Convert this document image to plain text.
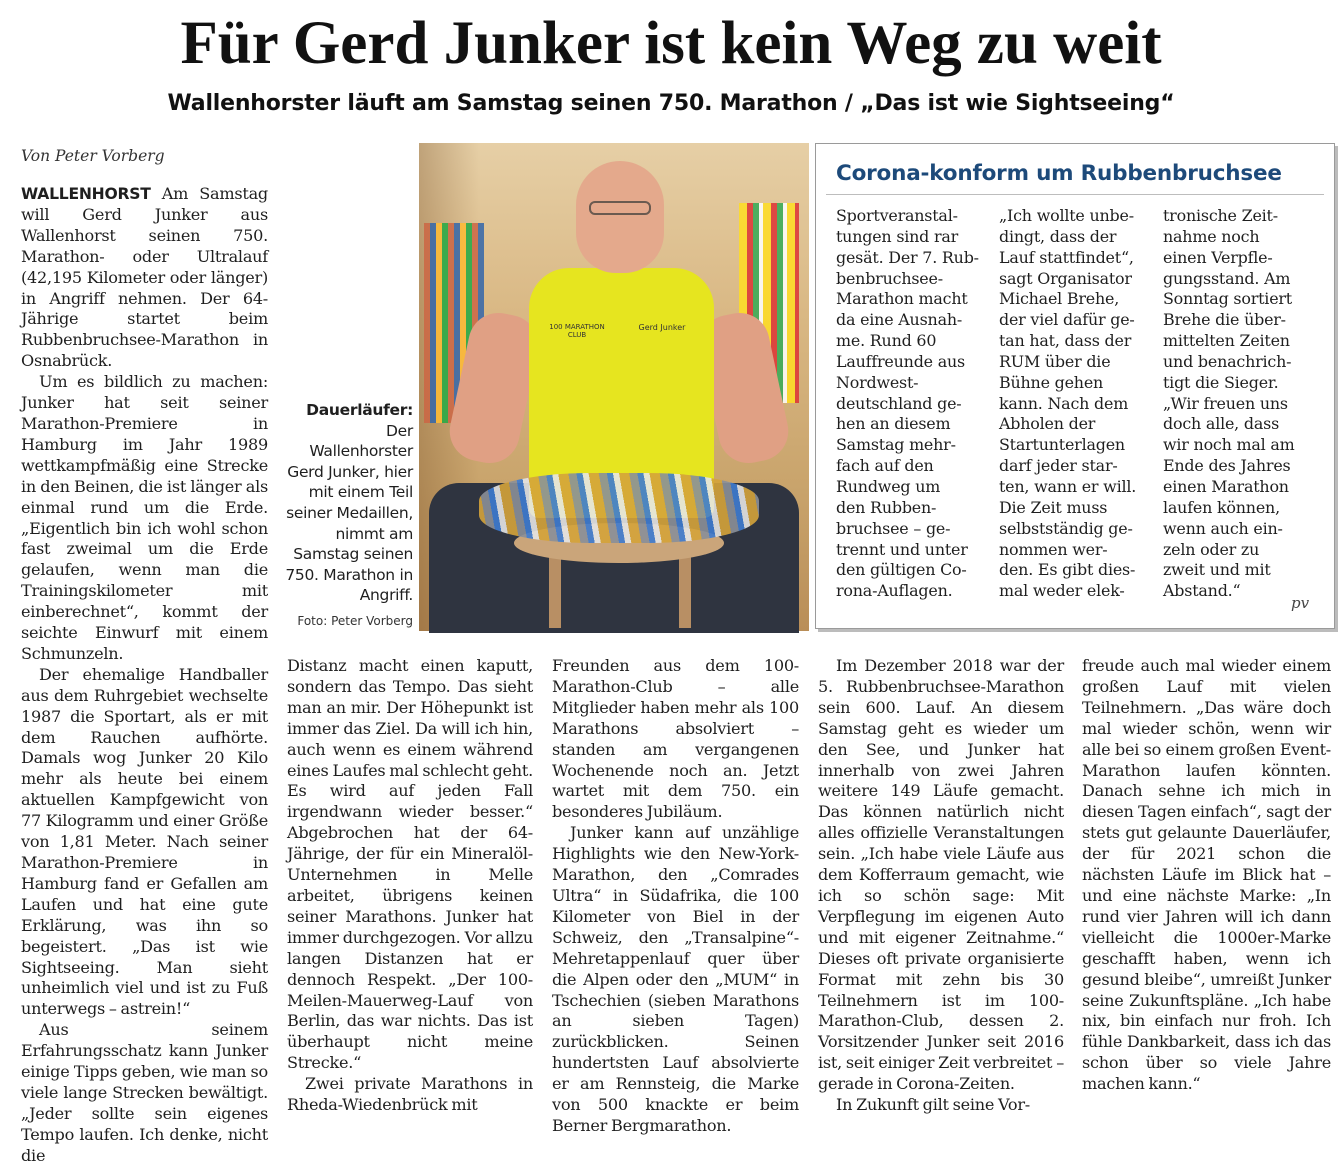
Für Gerd Junker ist kein Weg zu weit
Wallenhorster läuft am Samstag seinen 750. Marathon / „Das ist wie Sightseeing“
Von Peter Vorberg

WALLENHORST Am Samstag will Gerd Junker aus Wallenhorst seinen 750. Marathon- oder Ultralauf (42,195 Kilometer oder länger) in Angriff nehmen. Der 64-Jährige startet beim Rubbenbruchsee-Marathon in Osnabrück.

Um es bildlich zu machen: Junker hat seit seiner Marathon-Premiere in Hamburg im Jahr 1989 wettkampfmäßig eine Strecke in den Beinen, die ist länger als einmal rund um die Erde. „Eigentlich bin ich wohl schon fast zweimal um die Erde gelaufen, wenn man die Trainingskilometer mit einberechnet“, kommt der seichte Einwurf mit einem Schmunzeln.

Der ehemalige Handballer aus dem Ruhrgebiet wechselte 1987 die Sportart, als er mit dem Rauchen aufhörte. Damals wog Junker 20 Kilo mehr als heute bei einem aktuellen Kampfgewicht von 77 Kilogramm und einer Größe von 1,81 Meter. Nach seiner Marathon-Premiere in Hamburg fand er Gefallen am Laufen und hat eine gute Erklärung, was ihn so begeistert. „Das ist wie Sightseeing. Man sieht unheimlich viel und ist zu Fuß unterwegs – astrein!“

Aus seinem Erfahrungsschatz kann Junker einige Tipps geben, wie man so viele lange Strecken bewältigt. „Jeder sollte sein eigenes Tempo laufen. Ich denke, nicht die

100 MARATHON CLUB
Gerd Junker
Dauerläufer: Der Wallenhorster Gerd Junker, hier mit einem Teil seiner Medaillen, nimmt am Samstag seinen 750. Marathon in Angriff.
Foto: Peter Vorberg
Corona-konform um Rubbenbruchsee
Sportveranstal-
tungen sind rar
gesät. Der 7. Rub-
benbruchsee-
Marathon macht
da eine Ausnah-
me. Rund 60
Lauffreunde aus
Nordwest-
deutschland ge-
hen an diesem
Samstag mehr-
fach auf den
Rundweg um
den Rubben-
bruchsee – ge-
trennt und unter
den gültigen Co-
rona-Auflagen.
„Ich wollte unbe-
dingt, dass der
Lauf stattfindet“,
sagt Organisator
Michael Brehe,
der viel dafür ge-
tan hat, dass der
RUM über die
Bühne gehen
kann. Nach dem
Abholen der
Startunterlagen
darf jeder star-
ten, wann er will.
Die Zeit muss
selbstständig ge-
nommen wer-
den. Es gibt dies-
mal weder elek-
tronische Zeit-
nahme noch
einen Verpfle-
gungsstand. Am
Sonntag sortiert
Brehe die über-
mittelten Zeiten
und benachrich-
tigt die Sieger.
„Wir freuen uns
doch alle, dass
wir noch mal am
Ende des Jahres
einen Marathon
laufen können,
wenn auch ein-
zeln oder zu
zweit und mit
Abstand.“
pv

Distanz macht einen kaputt, sondern das Tempo. Das sieht man an mir. Der Höhepunkt ist immer das Ziel. Da will ich hin, auch wenn es einem während eines Laufes mal schlecht geht. Es wird auf jeden Fall irgendwann wieder besser.“ Abgebrochen hat der 64-Jährige, der für ein Mineralöl-Unternehmen in Melle arbeitet, übrigens keinen seiner Marathons. Junker hat immer durchgezogen. Vor allzu langen Distanzen hat er dennoch Respekt. „Der 100-Meilen-Mauerweg-Lauf von Berlin, das war nichts. Das ist überhaupt nicht meine Strecke.“

Zwei private Marathons in Rheda-Wiedenbrück mit

Freunden aus dem 100-Marathon-Club – alle Mitglieder haben mehr als 100 Marathons absolviert – standen am vergangenen Wochenende noch an. Jetzt wartet mit dem 750. ein besonderes Jubiläum.

Junker kann auf unzählige Highlights wie den New-York-Marathon, den „Comrades Ultra“ in Südafrika, die 100 Kilometer von Biel in der Schweiz, den „Transalpine“-Mehretappenlauf quer über die Alpen oder den „MUM“ in Tschechien (sieben Marathons an sieben Tagen) zurückblicken. Seinen hundertsten Lauf absolvierte er am Rennsteig, die Marke von 500 knackte er beim Berner Bergmarathon.

Im Dezember 2018 war der 5. Rubbenbruchsee-Marathon sein 600. Lauf. An diesem Samstag geht es wieder um den See, und Junker hat innerhalb von zwei Jahren weitere 149 Läufe gemacht. Das können natürlich nicht alles offizielle Veranstaltungen sein. „Ich habe viele Läufe aus dem Kofferraum gemacht, wie ich so schön sage: Mit Verpflegung im eigenen Auto und mit eigener Zeitnahme.“ Dieses oft private organisierte Format mit zehn bis 30 Teilnehmern ist im 100-Marathon-Club, dessen 2. Vorsitzender Junker seit 2016 ist, seit einiger Zeit verbreitet – gerade in Corona-Zeiten.

In Zukunft gilt seine Vor-

freude auch mal wieder einem großen Lauf mit vielen Teilnehmern. „Das wäre doch mal wieder schön, wenn wir alle bei so einem großen Event-Marathon laufen könnten. Danach sehne ich mich in diesen Tagen einfach“, sagt der stets gut gelaunte Dauerläufer, der für 2021 schon die nächsten Läufe im Blick hat – und eine nächste Marke: „In rund vier Jahren will ich dann vielleicht die 1000er-Marke geschafft haben, wenn ich gesund bleibe“, umreißt Junker seine Zukunftspläne. „Ich habe nix, bin einfach nur froh. Ich fühle Dankbarkeit, dass ich das schon über so viele Jahre machen kann.“
